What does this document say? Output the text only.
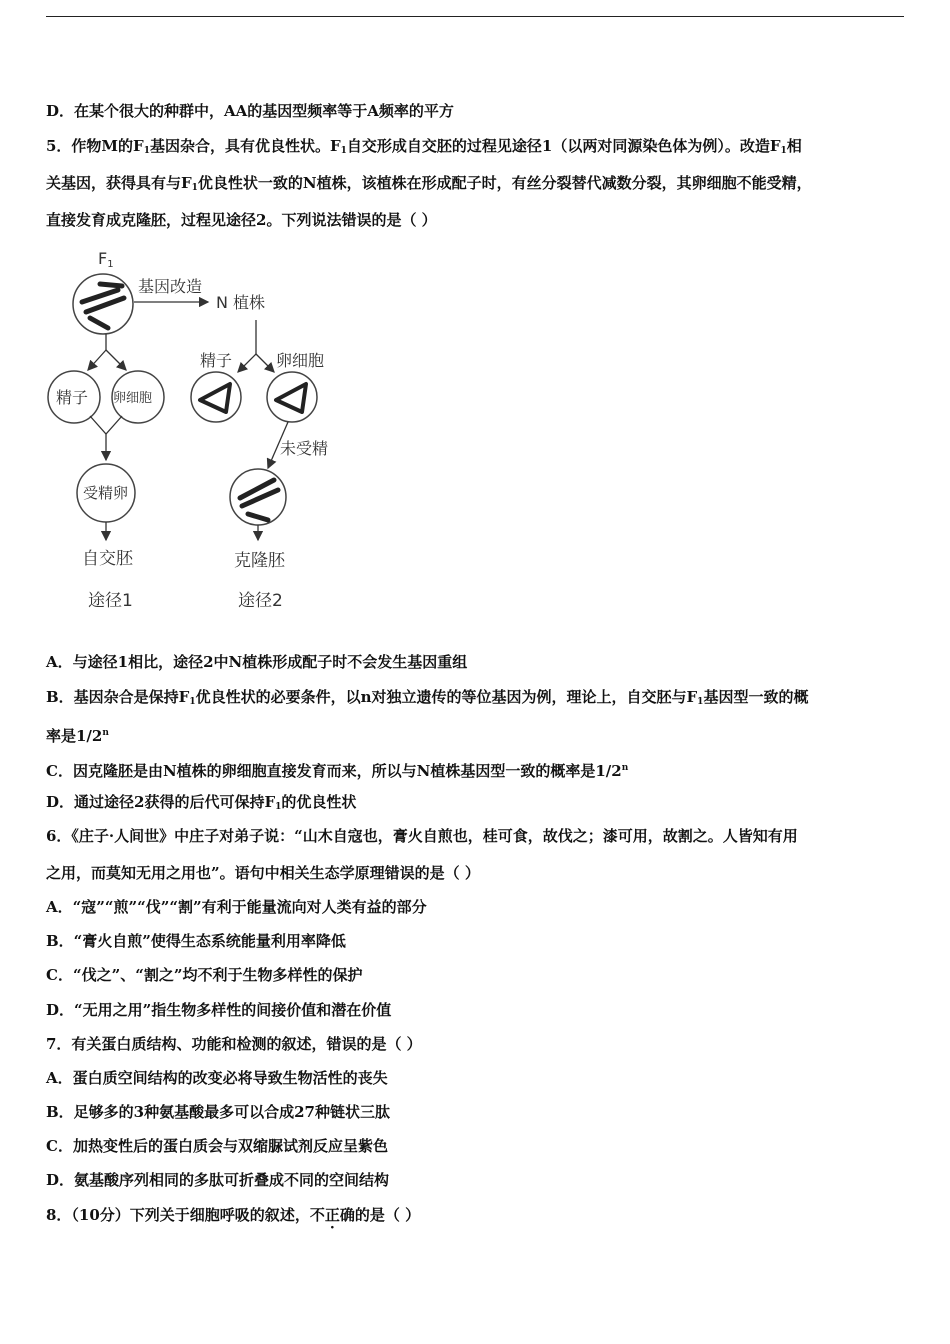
D．在某个很大的种群中，AA的基因型频率等于A频率的平方
5．作物M的$F_1$基因杂合，具有优良性状。$F_1$自交形成自交胚的过程见途径1（以两对同源染色体为例）。改造$F_1$相
关基因，获得具有与$F_1$优良性状一致的N植株，该植株在形成配子时，有丝分裂替代减数分裂，其卵细胞不能受精，
直接发育成克隆胚，过程见途径2。下列说法错误的是（ ）
F1
基因改造
N 植株
精子 卵细胞
受精卵
自交胚
途径1
精子	卵细胞
未受精
克隆胚
途径2
A．与途径1相比，途径2中N植株形成配子时不会发生基因重组
B．基因杂合是保持$F_1$优良性状的必要条件，以n对独立遗传的等位基因为例，理论上，自交胚与$F_1$基因型一致的概
率是1/2$^n$
C．因克隆胚是由N植株的卵细胞直接发育而来，所以与N植株基因型一致的概率是1/2$^n$
D．通过途径2获得的后代可保持$F_1$的优良性状
6．《庄子·人间世》中庄子对弟子说：“山木自寇也，膏火自煎也，桂可食，故伐之；漆可用，故割之。人皆知有用
之用，而莫知无用之用也”。语句中相关生态学原理错误的是（ ）
A．“寇”“煎”“伐”“割”有利于能量流向对人类有益的部分
B．“膏火自煎”使得生态系统能量利用率降低
C．“伐之”、“割之”均不利于生物多样性的保护
D．“无用之用”指生物多样性的间接价值和潜在价值
7．有关蛋白质结构、功能和检测的叙述，错误的是（ ）
A．蛋白质空间结构的改变必将导致生物活性的丧失
B．足够多的3种氨基酸最多可以合成27种链状三肽
C．加热变性后的蛋白质会与双缩脲试剂反应呈紫色
D．氨基酸序列相同的多肽可折叠成不同的空间结构
8．（10分）下列关于细胞呼吸的叙述，不正确的是（ ）
